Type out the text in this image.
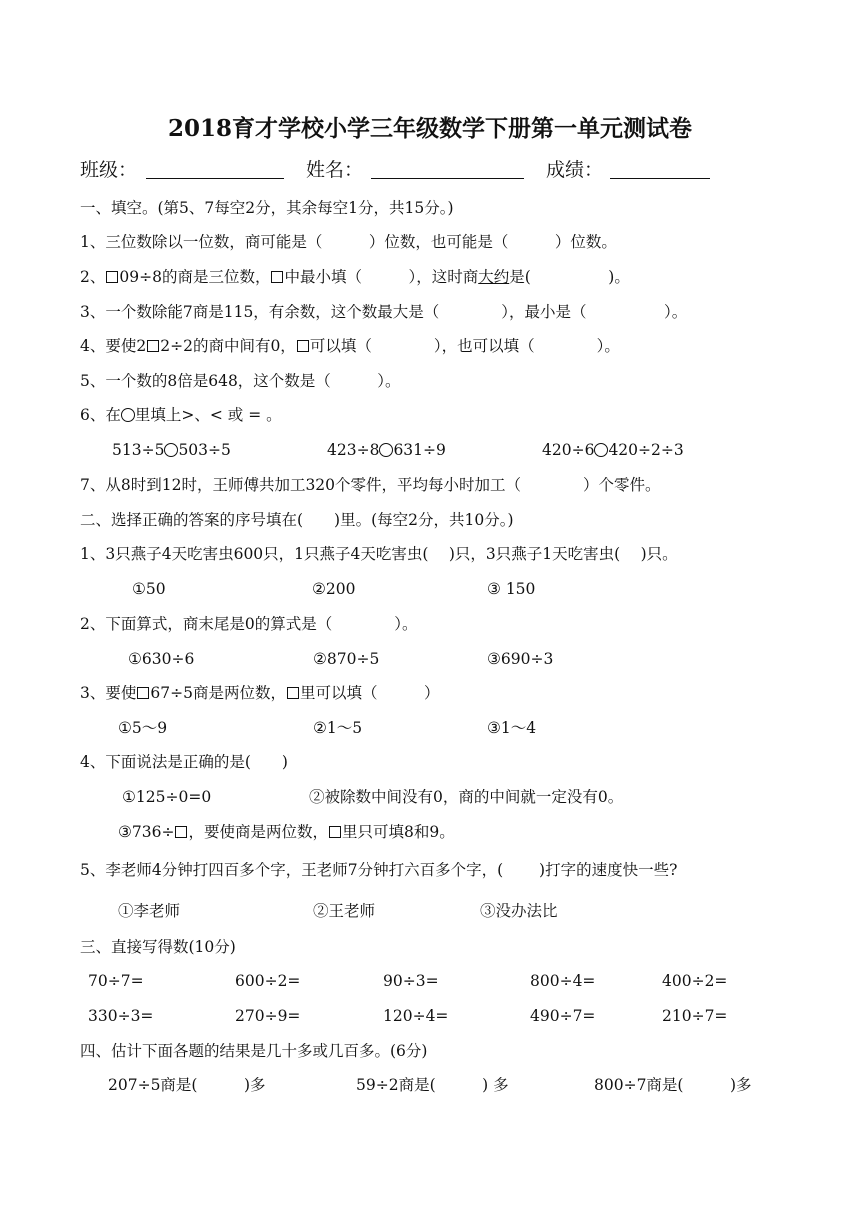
2018育才学校小学三年级数学下册第一单元测试卷
班级：	姓名：	成绩：
一、填空。(第5、7每空2分，其余每空1分，共15分。)
1、三位数除以一位数，商可能是（　　　）位数，也可能是（　　　）位数。
2、 09÷8的商是三位数， 中最小填（　　　），这时商大约是(　　　　　)。
3、一个数除能7商是115，有余数，这个数最大是（　　　　），最小是（　　　　　）。
4、要使2 2÷2的商中间有0， 可以填（　　　　），也可以填（　　　　）。
5、一个数的8倍是648，这个数是（　　　）。
6、在 里填上>、< 或 = 。
513÷5 503÷5	423÷8 631÷9	420÷6 420÷2÷3
7、从8时到12时，王师傅共加工320个零件，平均每小时加工（　　　　）个零件。
二、选择正确的答案的序号填在(　　)里。(每空2分，共10分。)
1、3只燕子4天吃害虫600只，1只燕子4天吃害虫(　 )只，3只燕子1天吃害虫(　 )只。
①50	②200	③ 150
2、下面算式，商末尾是0的算式是（　　　　）。
①630÷6	②870÷5	③690÷3
3、要使 67÷5商是两位数， 里可以填（　　　）
①5～9	②1～5	③1～4
4、下面说法是正确的是(　　)
①125÷0=0	②被除数中间没有0，商的中间就一定没有0。
③736÷ ，要使商是两位数， 里只可填8和9。
5、李老师4分钟打四百多个字，王老师7分钟打六百多个字，(　　 )打字的速度快一些?
①李老师	②王老师	③没办法比
三、直接写得数(10分)
70÷7=	600÷2=	90÷3=	800÷4=	400÷2=
330÷3=	270÷9=	120÷4=	490÷7=	210÷7=
四、估计下面各题的结果是几十多或几百多。(6分)
207÷5商是(　　　)多	59÷2商是(　　　) 多	800÷7商是(　　　)多
